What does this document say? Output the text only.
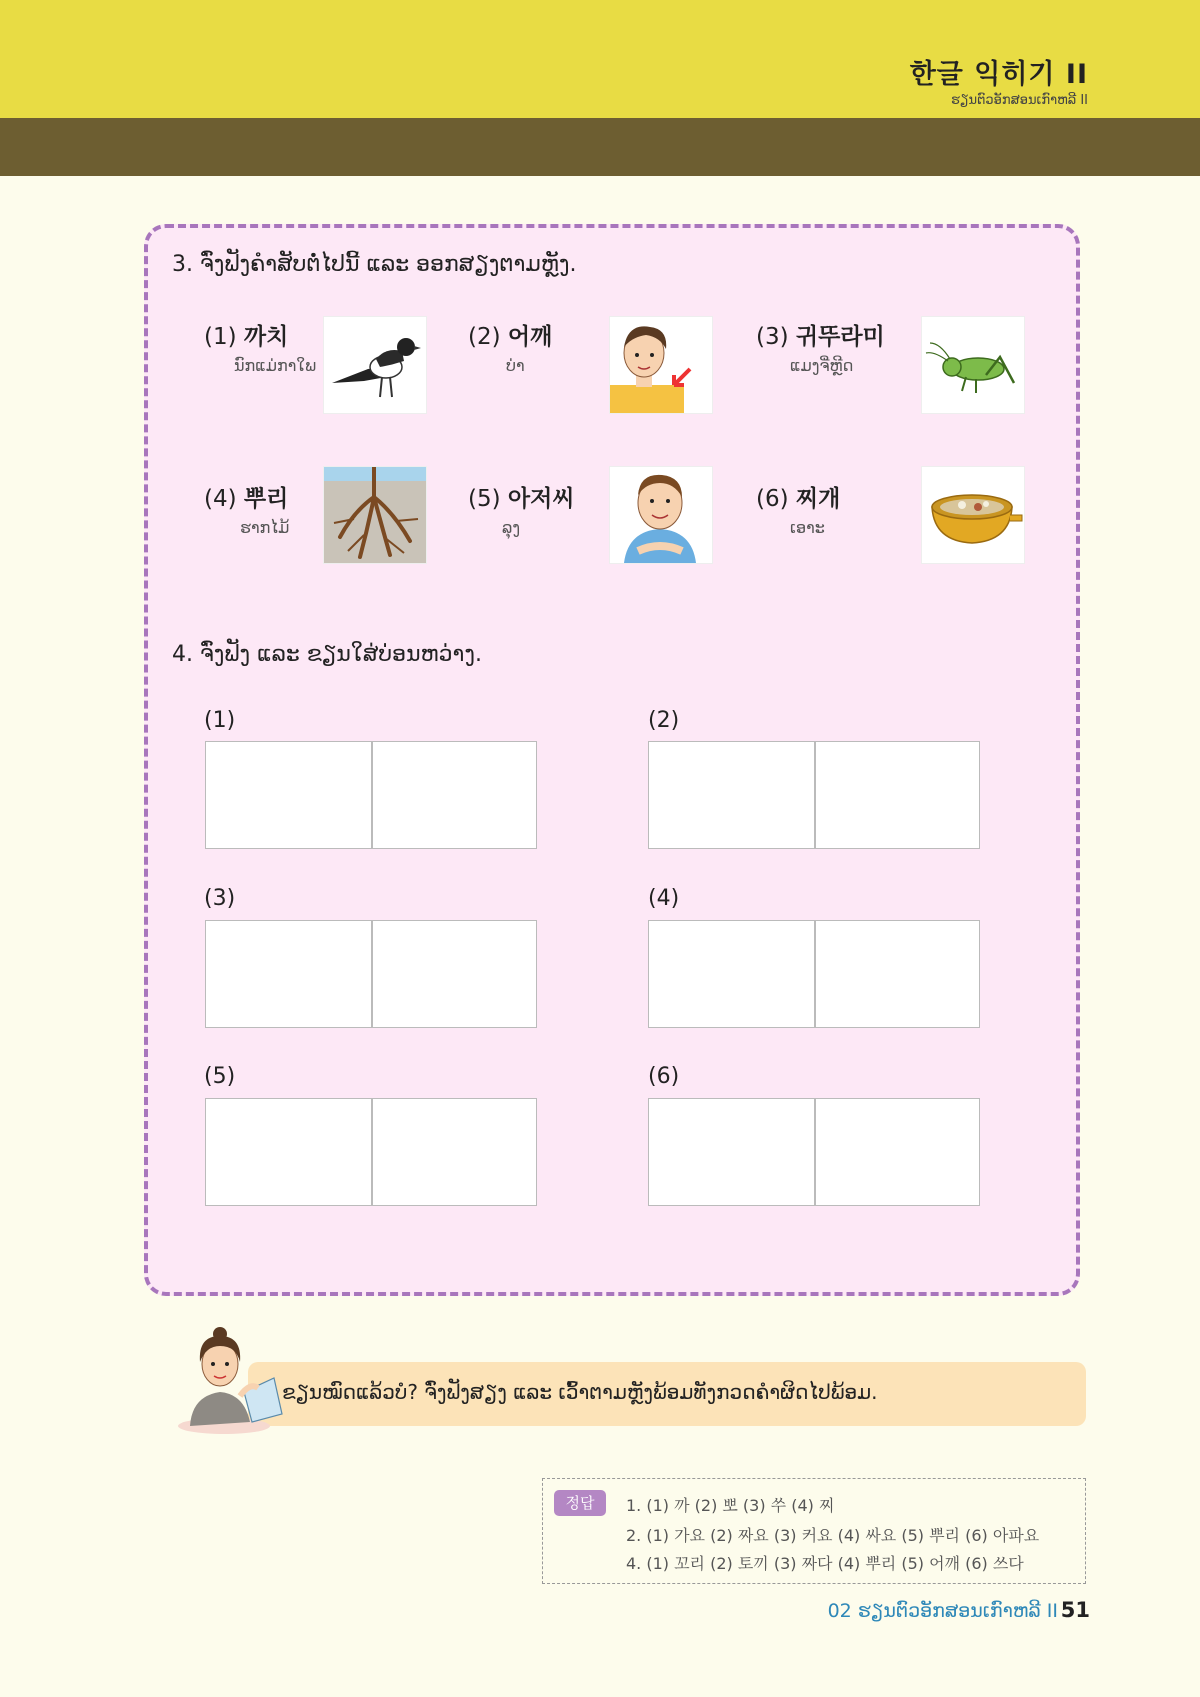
한글 익히기 II
ຮຽນຕົວອັກສອນເກົາຫລີ II
3. ຈົ່ງຟັງຄຳສັບຕໍ່ໄປນີ້ ແລະ ອອກສຽງຕາມຫຼັງ.
(1) 까치
ນົກແມ່ກາໃພ
(2) 어깨
ບ່າ
(3) 귀뚜라미
ແມງຈີ່ຫຼີດ
(4) 뿌리
ຮາກໄມ້
(5) 아저씨
ລຸງ
(6) 찌개
ເອາະ
4. ຈົ່ງຟັງ ແລະ ຂຽນໃສ່ບ່ອນຫວ່າງ.
(1)	(2)
(3)	(4)
(5)	(6)
ຂຽນໝົດແລ້ວບໍ? ຈົ່ງຟັງສຽງ ແລະ ເວົ້າຕາມຫຼັງພ້ອມທັງກວດຄຳຜິດໄປພ້ອມ.
정답	1. (1) 까 (2) 뽀 (3) 쑤 (4) 찌
2. (1) 가요 (2) 짜요 (3) 커요 (4) 싸요 (5) 뿌리 (6) 아파요
4. (1) 꼬리 (2) 토끼 (3) 짜다 (4) 뿌리 (5) 어깨 (6) 쓰다
02 ຮຽນຕົວອັກສອນເກົາຫລີ II 51
